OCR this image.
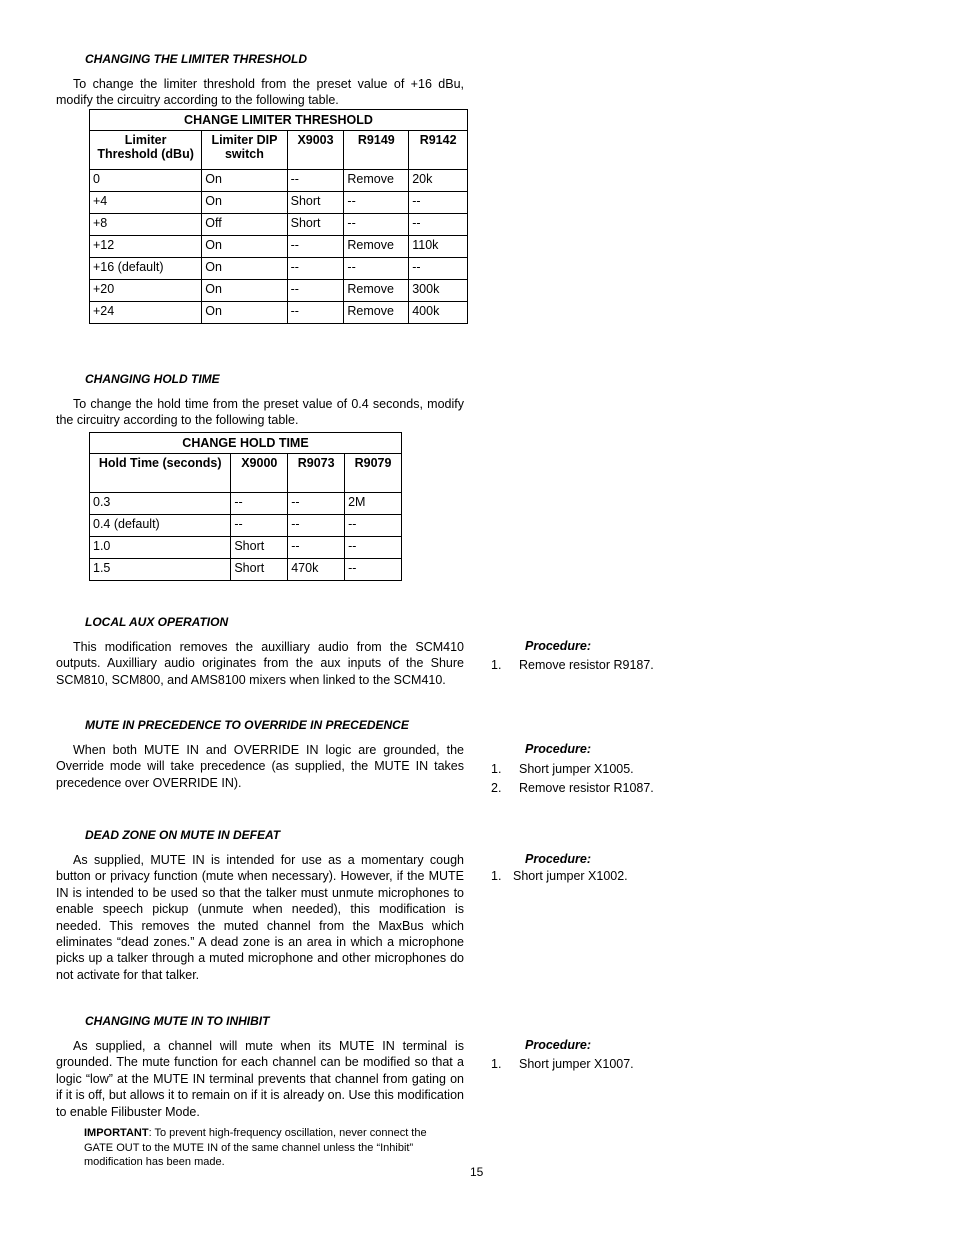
CHANGING THE LIMITER THRESHOLD
To change the limiter threshold from the preset value of +16 dBu, modify the circuitry according to the following table.
CHANGE LIMITER THRESHOLD				
Limiter Threshold (dBu)	Limiter DIP switch	X9003	R9149	R9142
0	On	--	Remove	20k
+4	On	Short	--	--
+8	Off	Short	--	--
+12	On	--	Remove	110k
+16 (default)	On	--	--	--
+20	On	--	Remove	300k
+24	On	--	Remove	400k
CHANGING HOLD TIME
To change the hold time from the preset value of 0.4 seconds, modify the circuitry according to the following table.
CHANGE HOLD TIME			
Hold Time (seconds)	X9000	R9073	R9079
0.3	--	--	2M
0.4 (default)	--	--	--
1.0	Short	--	--
1.5	Short	470k	--
LOCAL AUX OPERATION
This modification removes the auxilliary audio from the SCM410 outputs. Auxilliary audio originates from the aux inputs of the Shure SCM810, SCM800, and AMS8100 mixers when linked to the SCM410.
Procedure:
1. Remove resistor R9187.
MUTE IN PRECEDENCE TO OVERRIDE IN PRECEDENCE
When both MUTE IN and OVERRIDE IN logic are grounded, the Override mode will take precedence (as supplied, the MUTE IN takes precedence over OVERRIDE IN).
Procedure:
1. Short jumper X1005.
2. Remove resistor R1087.
DEAD ZONE ON MUTE IN DEFEAT
As supplied, MUTE IN is intended for use as a momentary cough button or privacy function (mute when necessary). However, if the MUTE IN is intended to be used so that the talker must unmute microphones to enable speech pickup (unmute when needed), this modification is needed. This removes the muted channel from the MaxBus which eliminates “dead zones.” A dead zone is an area in which a microphone picks up a talker through a muted microphone and other microphones do not activate for that talker.
Procedure:
1. Short jumper X1002.
CHANGING MUTE IN TO INHIBIT
As supplied, a channel will mute when its MUTE IN terminal is grounded. The mute function for each channel can be modified so that a logic “low” at the MUTE IN terminal prevents that channel from gating on if it is off, but allows it to remain on if it is already on. Use this modification to enable Filibuster Mode.
Procedure:
1. Short jumper X1007.
IMPORTANT: To prevent high-frequency oscillation, never connect the GATE OUT to the MUTE IN of the same channel unless the “Inhibit” modification has been made.
15
